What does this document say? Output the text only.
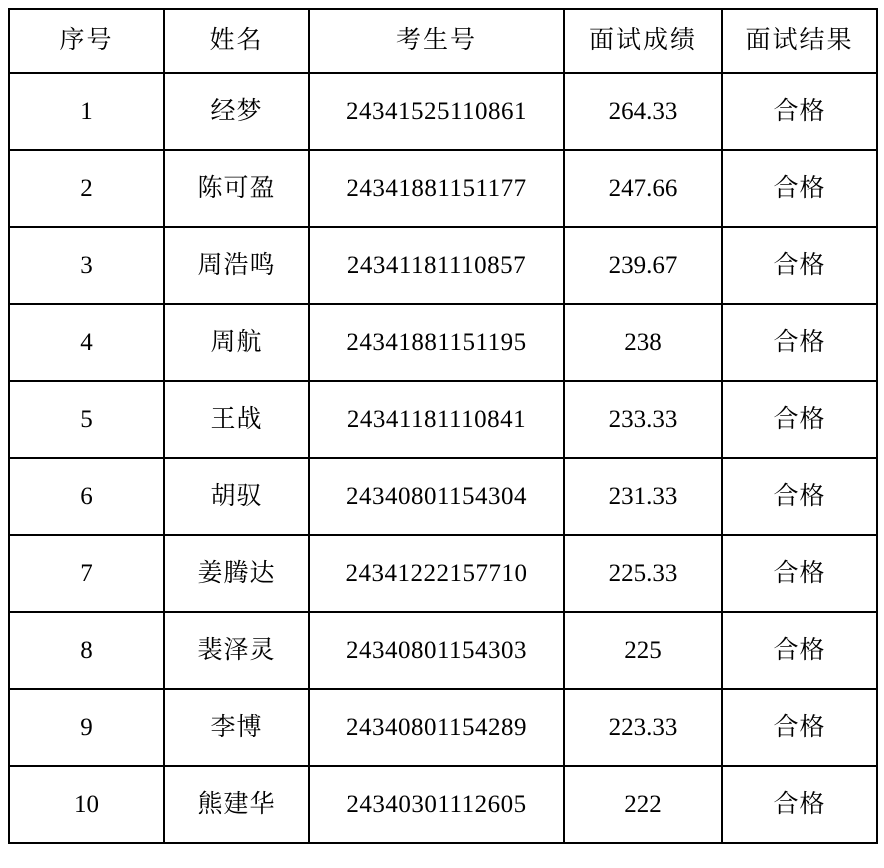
序号	姓名	考生号	面试成绩	面试结果
1	经梦	24341525110861	264.33	合格
2	陈可盈	24341881151177	247.66	合格
3	周浩鸣	24341181110857	239.67	合格
4	周航	24341881151195	238	合格
5	王战	24341181110841	233.33	合格
6	胡驭	24340801154304	231.33	合格
7	姜腾达	24341222157710	225.33	合格
8	裴泽灵	24340801154303	225	合格
9	李博	24340801154289	223.33	合格
10	熊建华	24340301112605	222	合格
